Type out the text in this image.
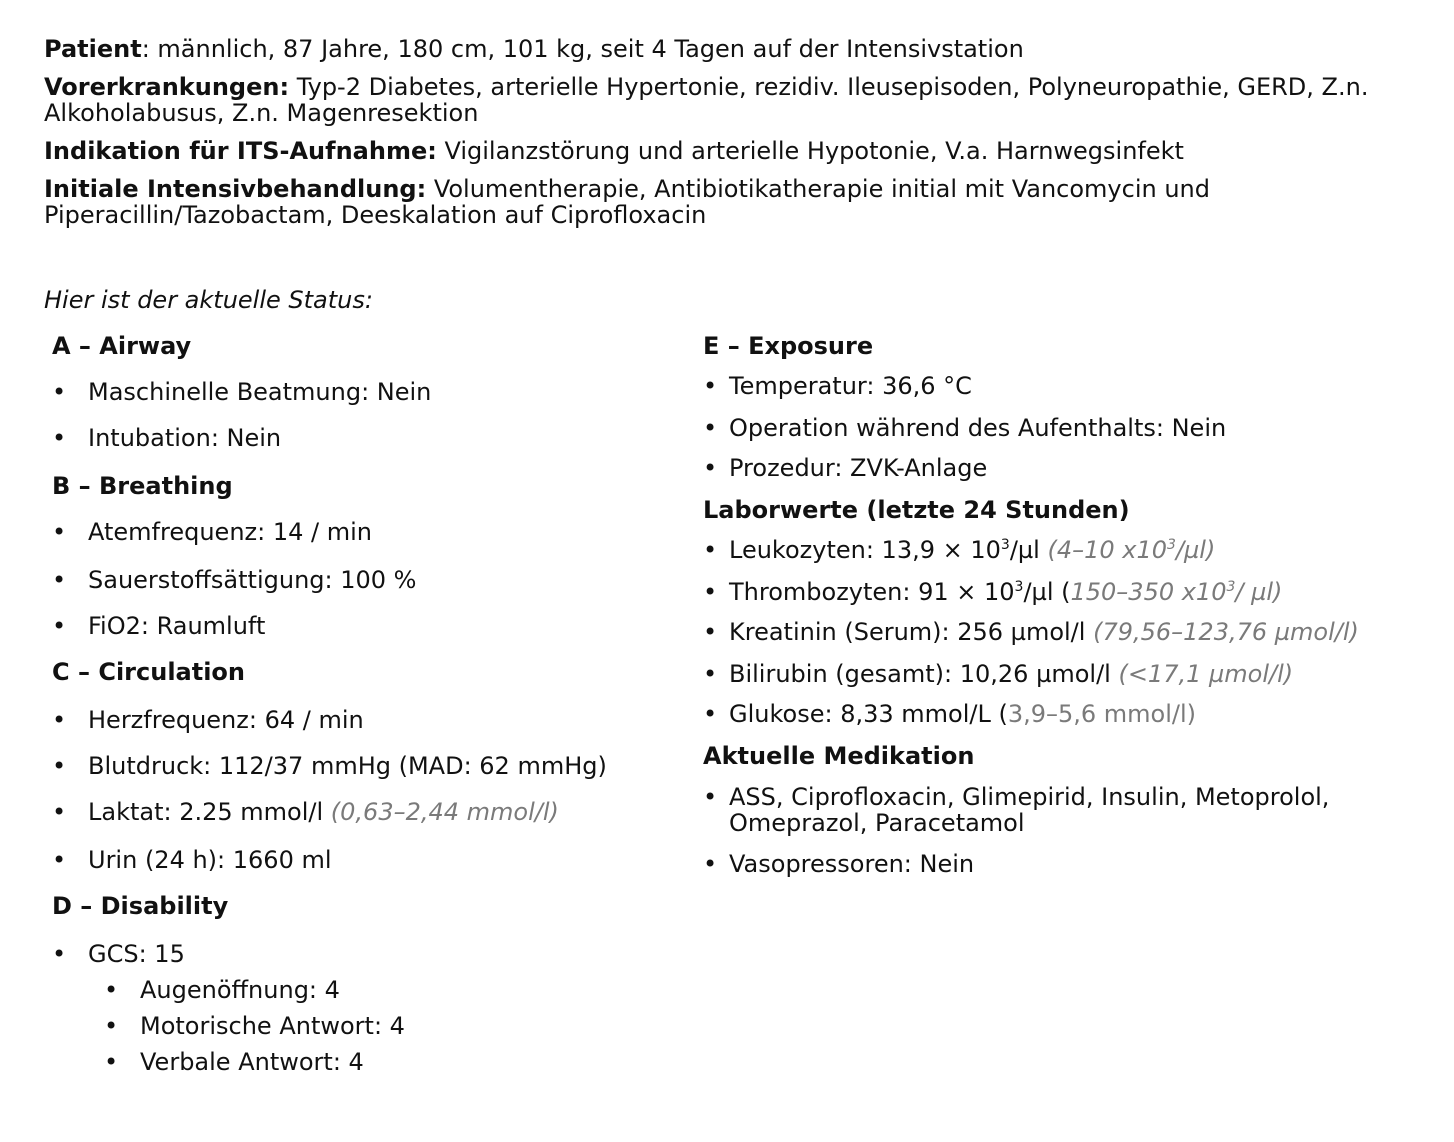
Patient: männlich, 87 Jahre, 180 cm, 101 kg, seit 4 Tagen auf der Intensivstation
Vorerkrankungen: Typ-2 Diabetes, arterielle Hypertonie, rezidiv. Ileusepisoden, Polyneuropathie, GERD, Z.n. Alkoholabusus, Z.n. Magenresektion
Indikation für ITS-Aufnahme: Vigilanzstörung und arterielle Hypotonie, V.a. Harnwegsinfekt
Initiale Intensivbehandlung: Volumentherapie, Antibiotikatherapie initial mit Vancomycin und Piperacillin/Tazobactam, Deeskalation auf Ciprofloxacin
Hier ist der aktuelle Status:
A – Airway
• Maschinelle Beatmung: Nein
• Intubation: Nein
B – Breathing
• Atemfrequenz: 14 / min
• Sauerstoffsättigung: 100 %
• FiO2: Raumluft
C – Circulation
• Herzfrequenz: 64 / min
• Blutdruck: 112/37 mmHg (MAD: 62 mmHg)
• Laktat: 2.25 mmol/l (0,63–2,44 mmol/l)
• Urin (24 h): 1660 ml
D – Disability
• GCS: 15
• Augenöffnung: 4
• Motorische Antwort: 4
• Verbale Antwort: 4
E – Exposure
• Temperatur: 36,6 °C
• Operation während des Aufenthalts: Nein
• Prozedur: ZVK-Anlage
Laborwerte (letzte 24 Stunden)
• Leukozyten: $13,9 \times 10^3/\mu l$ (4–10 $x10^3/\mu l$)
• Thrombozyten: $91 \times 10^3/\mu l$ (150–350 $x10^3/$ µl)
• Kreatinin (Serum): 256 µmol/l (79,56–123,76 µmol/l)
• Bilirubin (gesamt): 10,26 µmol/l (<17,1 µmol/l)
• Glukose: 8,33 mmol/L (3,9–5,6 mmol/l)
Aktuelle Medikation
• ASS, Ciprofloxacin, Glimepirid, Insulin, Metoprolol, Omeprazol, Paracetamol
• Vasopressoren: Nein
